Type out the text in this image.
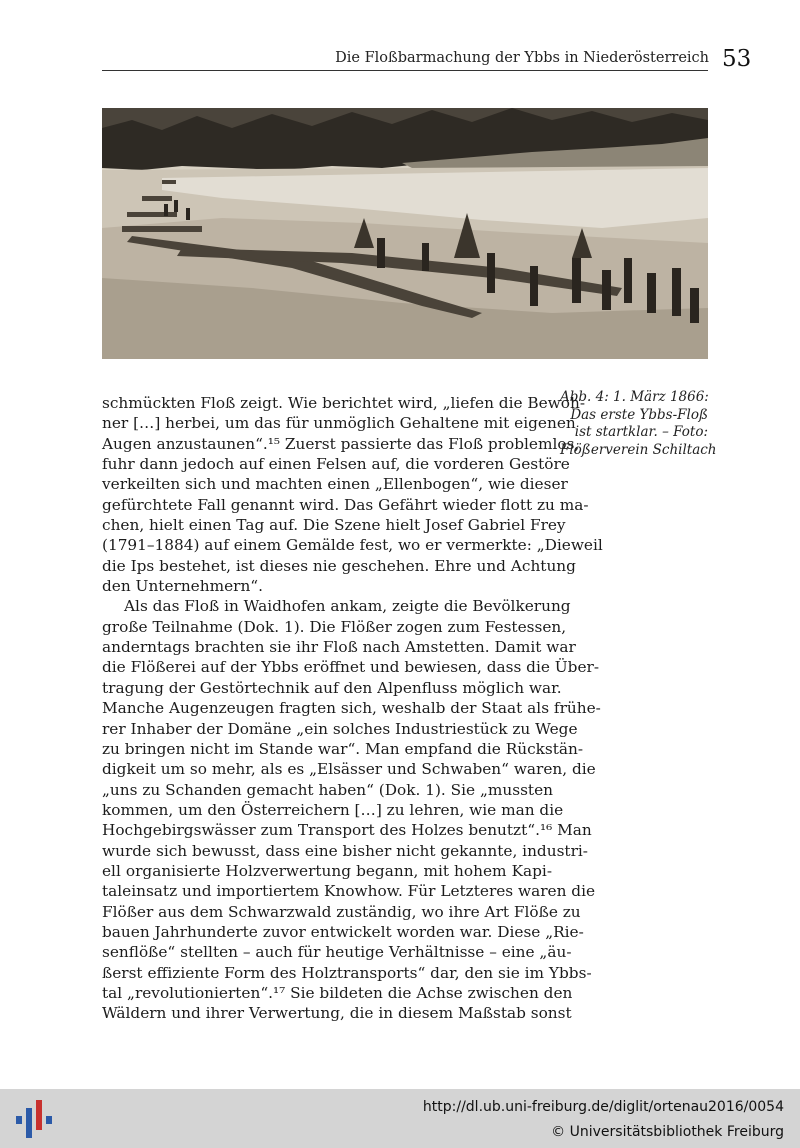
Die Floßbarmachung der Ybbs in Niederösterreich 53
Abb. 4: 1. März 1866:
Das erste Ybbs-Floß
ist startklar. – Foto:
Flößerverein Schiltach
schmückten Floß zeigt. Wie berichtet wird, „liefen die Bewoh-
ner […] herbei, um das für unmöglich Gehaltene mit eigenen
Augen anzustaunen“.¹⁵ Zuerst passierte das Floß problemlos,
fuhr dann jedoch auf einen Felsen auf, die vorderen Gestöre
verkeilten sich und machten einen „Ellenbogen“, wie dieser
gefürchtete Fall genannt wird. Das Gefährt wieder flott zu ma-
chen, hielt einen Tag auf. Die Szene hielt Josef Gabriel Frey
(1791–1884) auf einem Gemälde fest, wo er vermerkte: „Dieweil
die Ips bestehet, ist dieses nie geschehen. Ehre und Achtung
den Unternehmern“.
Als das Floß in Waidhofen ankam, zeigte die Bevölkerung
große Teilnahme (Dok. 1). Die Flößer zogen zum Festessen,
anderntags brachten sie ihr Floß nach Amstetten. Damit war
die Flößerei auf der Ybbs eröffnet und bewiesen, dass die Über-
tragung der Gestörtechnik auf den Alpenfluss möglich war.
Manche Augenzeugen fragten sich, weshalb der Staat als frühe-
rer Inhaber der Domäne „ein solches Industriestück zu Wege
zu bringen nicht im Stande war“. Man empfand die Rückstän-
digkeit um so mehr, als es „Elsässer und Schwaben“ waren, die
„uns zu Schanden gemacht haben“ (Dok. 1). Sie „mussten
kommen, um den Österreichern […] zu lehren, wie man die
Hochgebirgswässer zum Transport des Holzes benutzt“.¹⁶ Man
wurde sich bewusst, dass eine bisher nicht gekannte, industri-
ell organisierte Holzverwertung begann, mit hohem Kapi-
taleinsatz und importiertem Knowhow. Für Letzteres waren die
Flößer aus dem Schwarzwald zuständig, wo ihre Art Flöße zu
bauen Jahrhunderte zuvor entwickelt worden war. Diese „Rie-
senflöße“ stellten – auch für heutige Verhältnisse – eine „äu-
ßerst effiziente Form des Holztransports“ dar, den sie im Ybbs-
tal „revolutionierten“.¹⁷ Sie bildeten die Achse zwischen den
Wäldern und ihrer Verwertung, die in diesem Maßstab sonst
http://dl.ub.uni-freiburg.de/diglit/ortenau2016/0054
© Universitätsbibliothek Freiburg
